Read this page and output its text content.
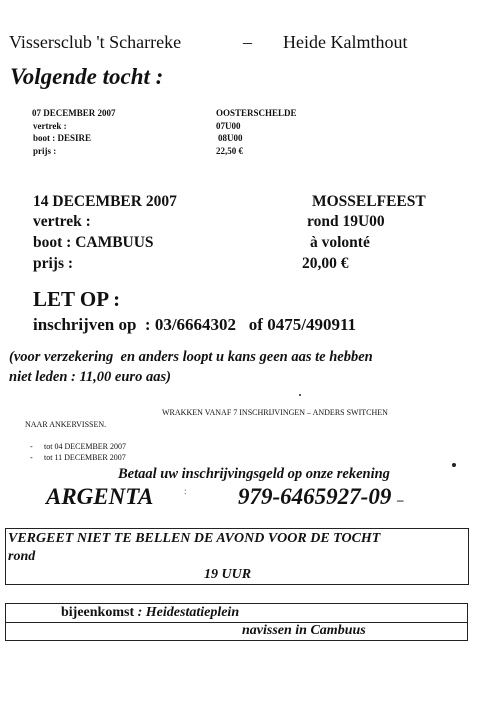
Vissersclub 't Scharreke	– Heide Kalmthout
Volgende tocht :
07 DECEMBER 2007	OOSTERSCHELDE
vertrek :	07U00
boot : DESIRE	08U00
prijs :	22,50 €
14 DECEMBER 2007	MOSSELFEEST
vertrek :	rond 19U00
boot : CAMBUUS	à volonté
prijs :	20,00 €
LET OP :
inschrijven op  : 03/6664302   of 0475/490911
(voor verzekering  en anders loopt u kans geen aas te hebben
niet leden : 11,00 euro aas)
WRAKKEN VANAF 7 INSCHRIJVINGEN – ANDERS SWITCHEN
NAAR ANKERVISSEN.
- tot 04 DECEMBER 2007
- tot 11 DECEMBER 2007
Betaal uw inschrijvingsgeld op onze rekening
ARGENTA	: 979-6465927-09 –
VERGEET NIET TE BELLEN DE AVOND VOOR DE TOCHT
rond
19 UUR
bijeenkomst : Heidestatieplein
navissen in Cambuus
